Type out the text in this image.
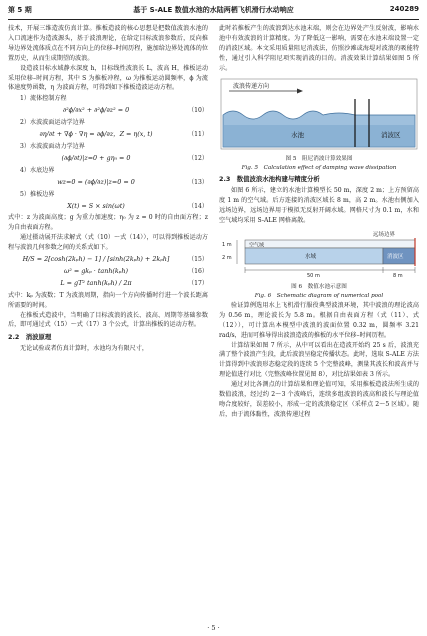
第 5 期	基于 S-ALE 数值水池的水陆两栖飞机滑行水动响应	240289

技术，开展三维造波仿真计算。推板造波的核心思想是把数值波浪水池的入口流速作为造波源头，基于波浪理论，在给定目标波浪参数后，反向推导边界处流体质点在不同方向上的位移–时间历程，施加给边界处流体的位置历史，从而生成期望的波浪。

设造波目标水域静水深度 h，目标线性波浪长 L，波高 H，推板运动采用位移–时间方程，其中 S 为推板冲程，ω 为推板运动圆频率，ϕ 为流体速度势函数，η 为波面方程，可得到如下推板造波运动方程。

1）流体控制方程

∂²ϕ/∂x² + ∂²ϕ/∂z² = 0	（10）

2）水波波面运动学边界

∂η/∂t + ∇ϕ · ∇η = ∂ϕ/∂z，Z = η(x, t)	（11）

3）水波波面动力学边界

(∂ϕ/∂t)|z=0 + gη₀ = 0	（12）

4）水底边界

wz=0 = (∂ϕ/∂z)|z=0 = 0	（13）

5）推板边界

X(t) = S × sin(ωt)	（14）

式中：z 为波面高度；g 为重力加速度；η₀ 为 z = 0 时的自由面方程；z 为自由表面方程。

通过摄动展开法求解式（式（10）～式（14）），可以得到推板运动方程与波浪几何参数之间的关系式如下。

H/S = 2[cosh(2kₚh) − 1] / [sinh(2kₚh) + 2kₚh]	（15）
ω² = gkₚ · tanh(kₚh)	（16）
L = gT² tanh(kₚh) / 2π	（17）

式中：kₚ 为波数；T 为波浪周期，指向一个方向传播时行进一个波长距离所需要的时间。

在推板式造波中，当明确了目标波浪的波长、波高、周期等基础参数后，即可通过式（15）～式（17）3 个公式，计算出推板的运动方程。

2.2　消波原理

无论试验或者仿真计算时，水池均为有限尺寸，

此时若推板产生的波浪到达水池末端，则会在边界处产生反射波，影响水池中有效波浪的计算精度。为了降低这一影响，需要在水池末端设置一定的消波区域。本文采用质量阻尼消波法，仿照沙滩或海堤对波浪的吸能特性，通过引入科学阻尼项实现消波的目的。消波效果计算结果如图 5 所示。

波浪传递方向
水池	消波区
图 5　阻尼消波计算效果图
Fig. 5　Calculation effect of damping wave dissipation
2.3　数值波浪水池构建与精度分析

如图 6 所示，建立的水池计算模型长 50 m，深度 2 m；上方预留高度 1 m 的空气域。后方连接的消波区域长 8 m，高 2 m。水池右侧加入远场边界，远场边界用于模拟无反射开阔水域。网格尺寸为 0.1 m，水和空气域均采用 S-ALE 网格离散。

远场边界
空气域
水域	消波区
1 m
2 m
50 m	8 m
图 6　数值水池示意图
Fig. 6　Schematic diagram of numerical pool

验证算例选用水上飞机滑行服役典型波浪环境，其中波浪的理论波高为 0.56 m，理论波长为 5.8 m。根据自由表面方程（式（11）、式（12）），可计算出本模型中波浪的波面位置 0.32 m，圆频率 3.21 rad/s，进而可推导得出波浪造波的推板的水平位移–时间历程。

计算结果如图 7 所示，从中可以看出在造波开始约 25 s 后，波浪充满了整个波浪产生段，此后波浪呈稳定传播状态。此时，选取 S-ALE 方法计算得到中波浪形态稳定段的连续 5 个完整波峰，测量其波长和波高并与理论值进行对比（完整波峰位置见图 8），对比结果如表 3 所示。

通过对比各测点的计算结果和理论值可知，采用推板造波法所生成的数值波浪，经过约 2～3 个波峰后，连续多组波浪的波高和波长与理论值吻合度较好，误差较小，形成一定的波浪稳定区（采样点 2～5 区域）。随后，由于流体黏性，波浪传递过程

· 5 ·
